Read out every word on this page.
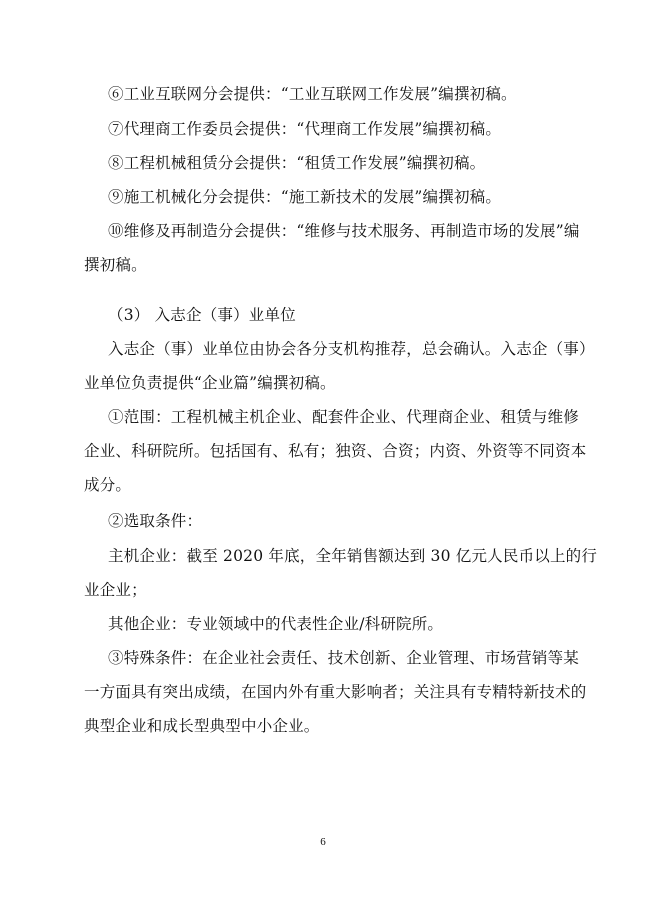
⑥工业互联网分会提供：“工业互联网工作发展”编撰初稿。
⑦代理商工作委员会提供：“代理商工作发展”编撰初稿。
⑧工程机械租赁分会提供：“租赁工作发展”编撰初稿。
⑨施工机械化分会提供：“施工新技术的发展”编撰初稿。
⑩维修及再制造分会提供：“维修与技术服务、再制造市场的发展”编
撰初稿。
（3） 入志企（事）业单位
入志企（事）业单位由协会各分支机构推荐，总会确认。入志企（事）
业单位负责提供“企业篇”编撰初稿。
①范围：工程机械主机企业、配套件企业、代理商企业、租赁与维修
企业、科研院所。包括国有、私有；独资、合资；内资、外资等不同资本
成分。
②选取条件：
主机企业：截至 2020 年底，全年销售额达到 30 亿元人民币以上的行
业企业；
其他企业：专业领域中的代表性企业/科研院所。
③特殊条件：在企业社会责任、技术创新、企业管理、市场营销等某
一方面具有突出成绩，在国内外有重大影响者；关注具有专精特新技术的
典型企业和成长型典型中小企业。
6
